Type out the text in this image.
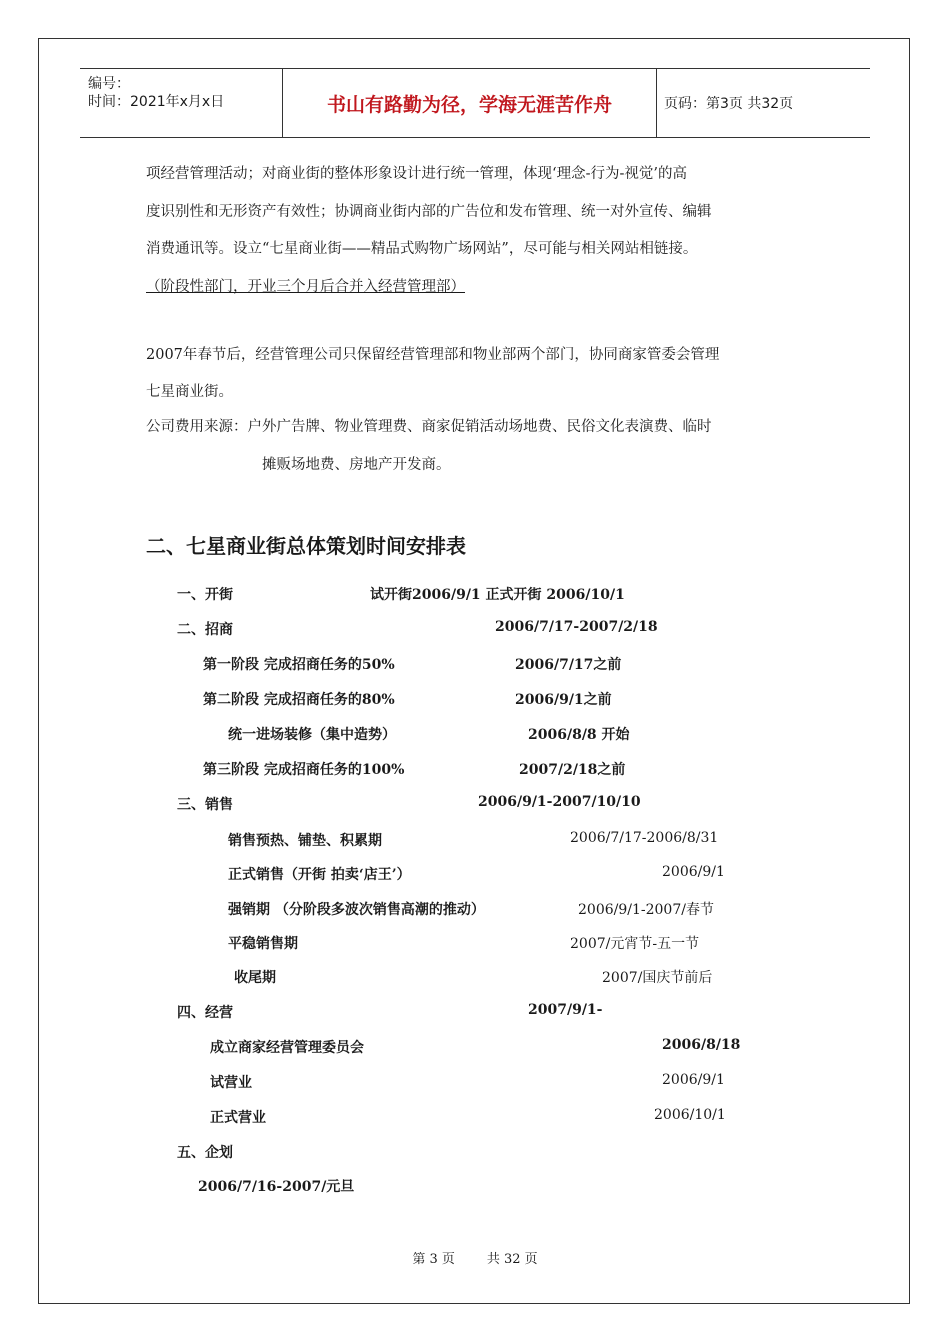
编号：
时间：2021年x月x日	书山有路勤为径，学海无涯苦作舟	页码：第3页 共32页
项经营管理活动；对商业街的整体形象设计进行统一管理，体现‘理念-行为-视觉’的高
度识别性和无形资产有效性；协调商业街内部的广告位和发布管理、统一对外宣传、编辑
消费通讯等。设立“七星商业街——精品式购物广场网站”，尽可能与相关网站相链接。
（阶段性部门，开业三个月后合并入经营管理部）
2007年春节后，经营管理公司只保留经营管理部和物业部两个部门，协同商家管委会管理
七星商业街。
公司费用来源：户外广告牌、物业管理费、商家促销活动场地费、民俗文化表演费、临时
摊贩场地费、房地产开发商。
二、七星商业街总体策划时间安排表
一、开街	试开街2006/9/1 正式开街 2006/10/1
二、招商	2006/7/17-2007/2/18
第一阶段 完成招商任务的50%	2006/7/17之前
第二阶段 完成招商任务的80%	2006/9/1之前
统一进场装修（集中造势）	2006/8/8 开始
第三阶段 完成招商任务的100%	2007/2/18之前
三、销售	2006/9/1-2007/10/10
销售预热、铺垫、积累期	2006/7/17-2006/8/31
正式销售（开街 拍卖‘店王’）	2006/9/1
强销期 （分阶段多波次销售高潮的推动）	2006/9/1-2007/春节
平稳销售期	2007/元宵节-五一节
收尾期	2007/国庆节前后
四、经营	2007/9/1-
成立商家经营管理委员会	2006/8/18
试营业	2006/9/1
正式营业	2006/10/1
五、企划
2006/7/16-2007/元旦
第 3 页 共 32 页
